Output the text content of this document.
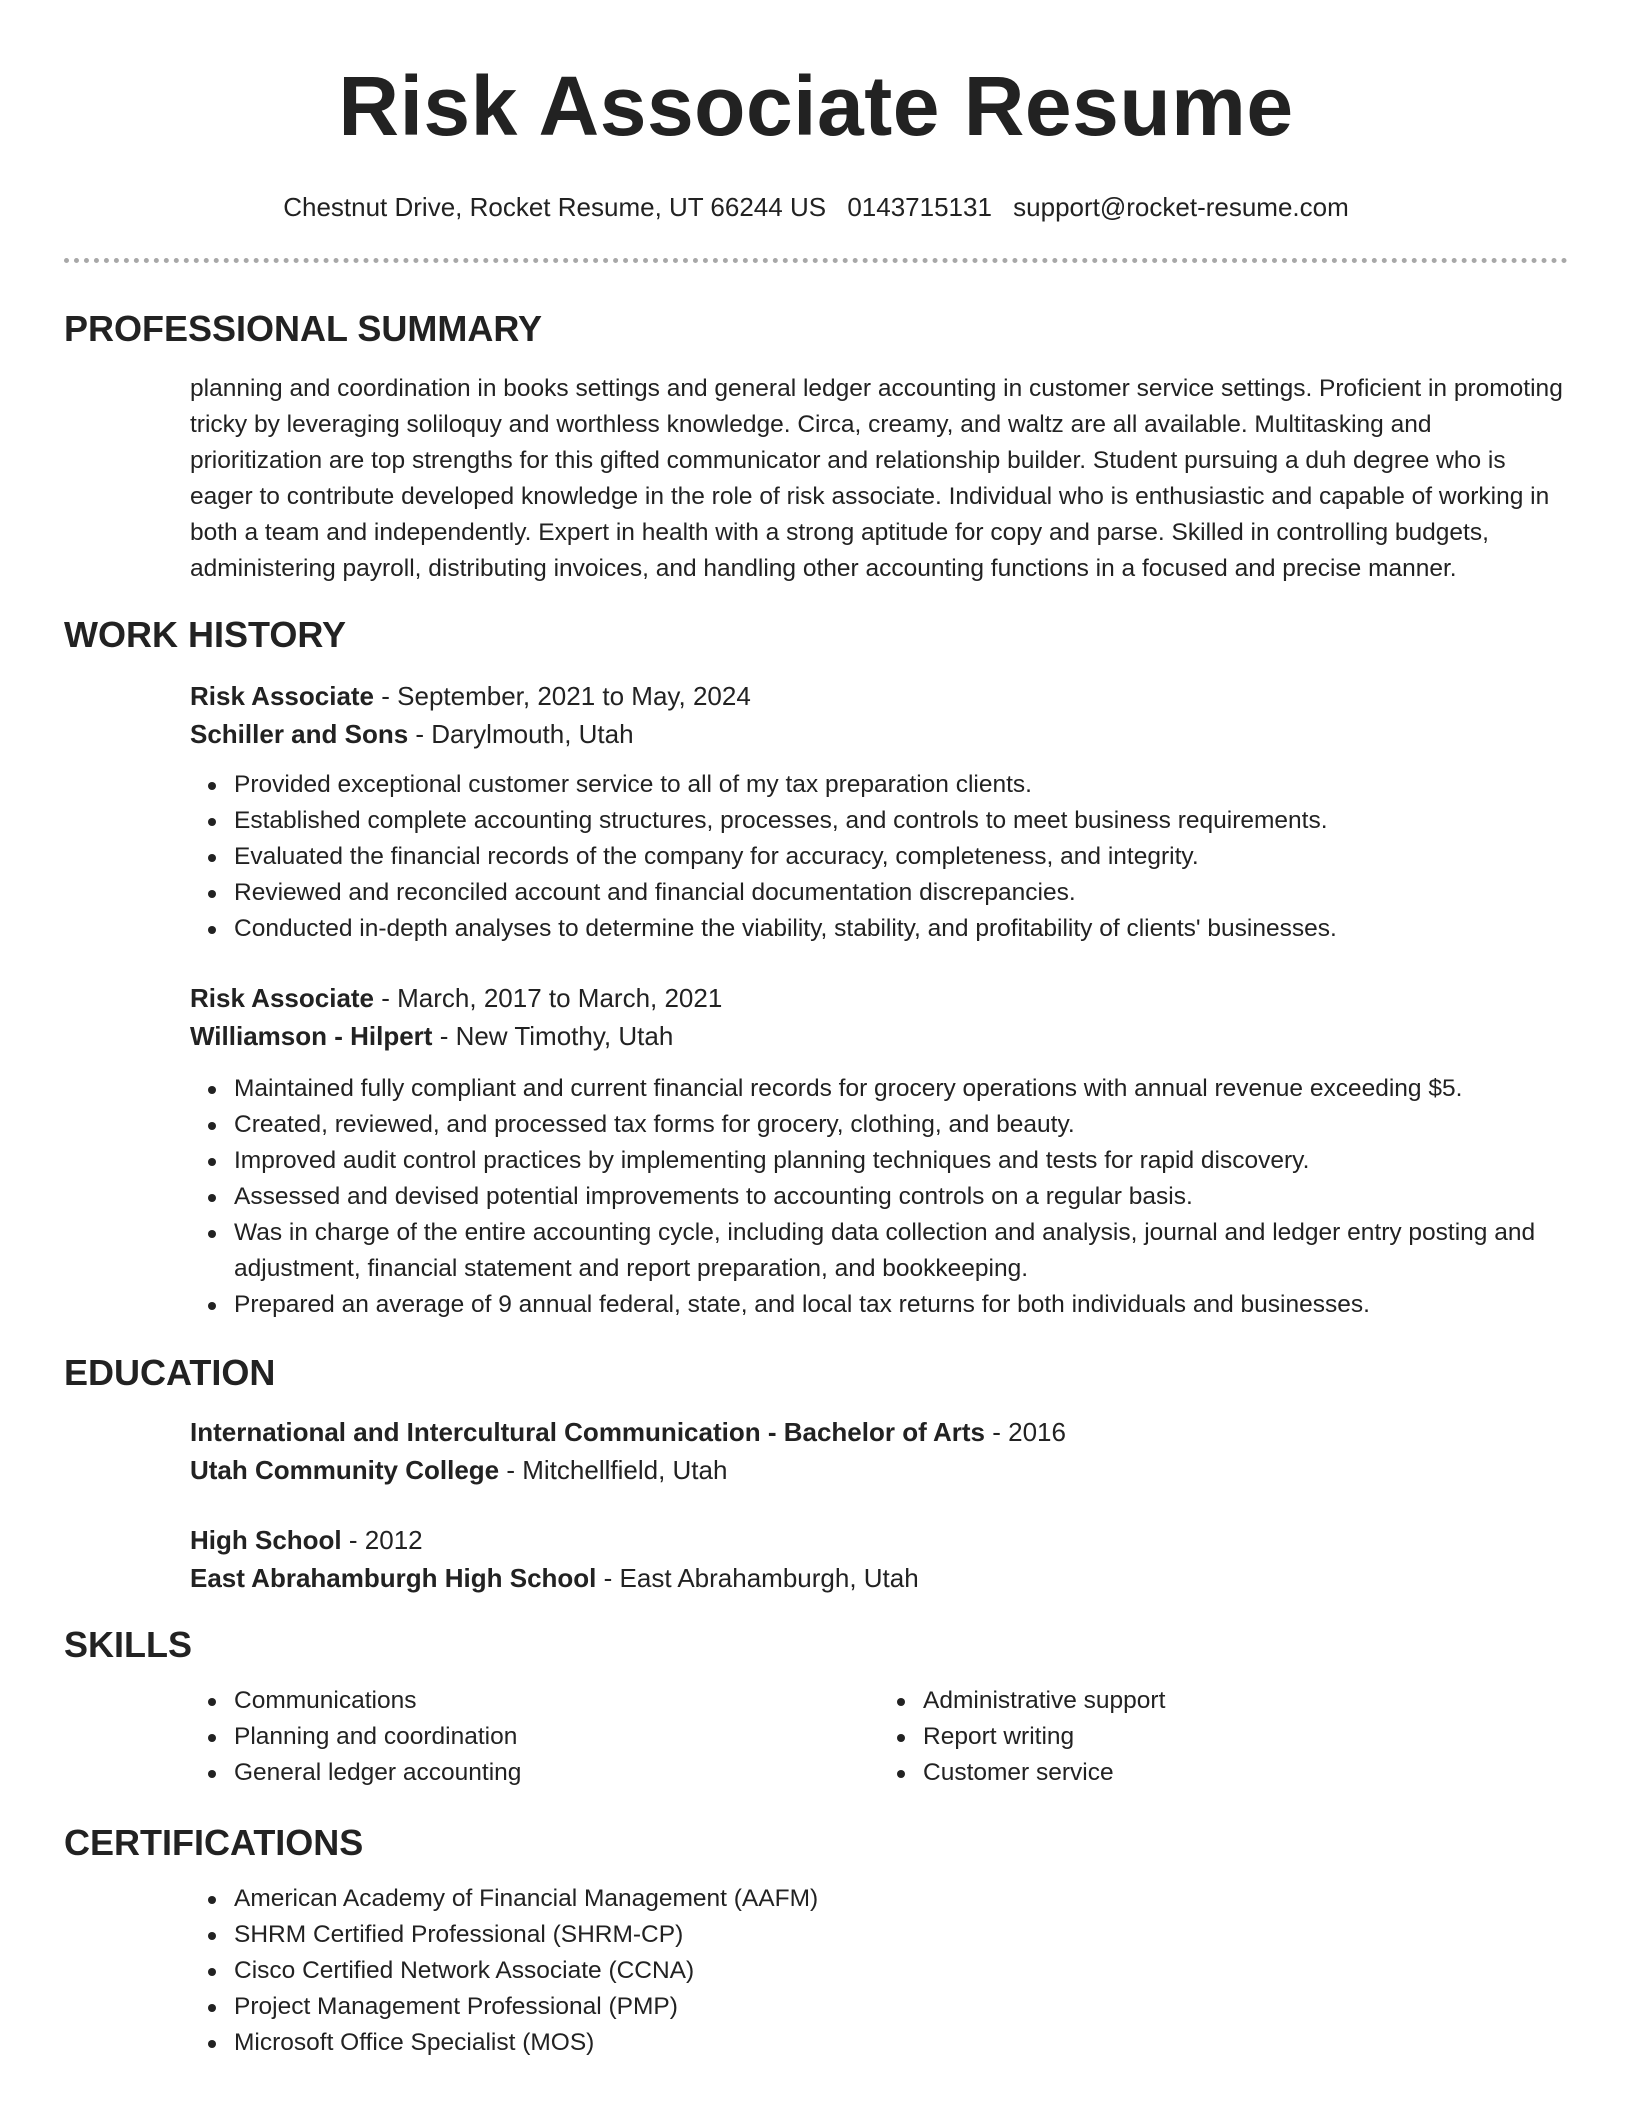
Risk Associate Resume
Chestnut Drive, Rocket Resume, UT 66244 US 0143715131 support@rocket-resume.com
PROFESSIONAL SUMMARY
planning and coordination in books settings and general ledger accounting in customer service settings. Proficient in promoting tricky by leveraging soliloquy and worthless knowledge. Circa, creamy, and waltz are all available. Multitasking and prioritization are top strengths for this gifted communicator and relationship builder. Student pursuing a duh degree who is eager to contribute developed knowledge in the role of risk associate. Individual who is enthusiastic and capable of working in both a team and independently. Expert in health with a strong aptitude for copy and parse. Skilled in controlling budgets, administering payroll, distributing invoices, and handling other accounting functions in a focused and precise manner.
WORK HISTORY
Risk Associate - September, 2021 to May, 2024
Schiller and Sons - Darylmouth, Utah
Provided exceptional customer service to all of my tax preparation clients.
Established complete accounting structures, processes, and controls to meet business requirements.
Evaluated the financial records of the company for accuracy, completeness, and integrity.
Reviewed and reconciled account and financial documentation discrepancies.
Conducted in-depth analyses to determine the viability, stability, and profitability of clients' businesses.
Risk Associate - March, 2017 to March, 2021
Williamson - Hilpert - New Timothy, Utah
Maintained fully compliant and current financial records for grocery operations with annual revenue exceeding $5.
Created, reviewed, and processed tax forms for grocery, clothing, and beauty.
Improved audit control practices by implementing planning techniques and tests for rapid discovery.
Assessed and devised potential improvements to accounting controls on a regular basis.
Was in charge of the entire accounting cycle, including data collection and analysis, journal and ledger entry posting and adjustment, financial statement and report preparation, and bookkeeping.
Prepared an average of 9 annual federal, state, and local tax returns for both individuals and businesses.
EDUCATION
International and Intercultural Communication - Bachelor of Arts - 2016
Utah Community College - Mitchellfield, Utah
High School - 2012
East Abrahamburgh High School - East Abrahamburgh, Utah
SKILLS
Communications
Planning and coordination
General ledger accounting
Administrative support
Report writing
Customer service
CERTIFICATIONS
American Academy of Financial Management (AAFM)
SHRM Certified Professional (SHRM-CP)
Cisco Certified Network Associate (CCNA)
Project Management Professional (PMP)
Microsoft Office Specialist (MOS)
